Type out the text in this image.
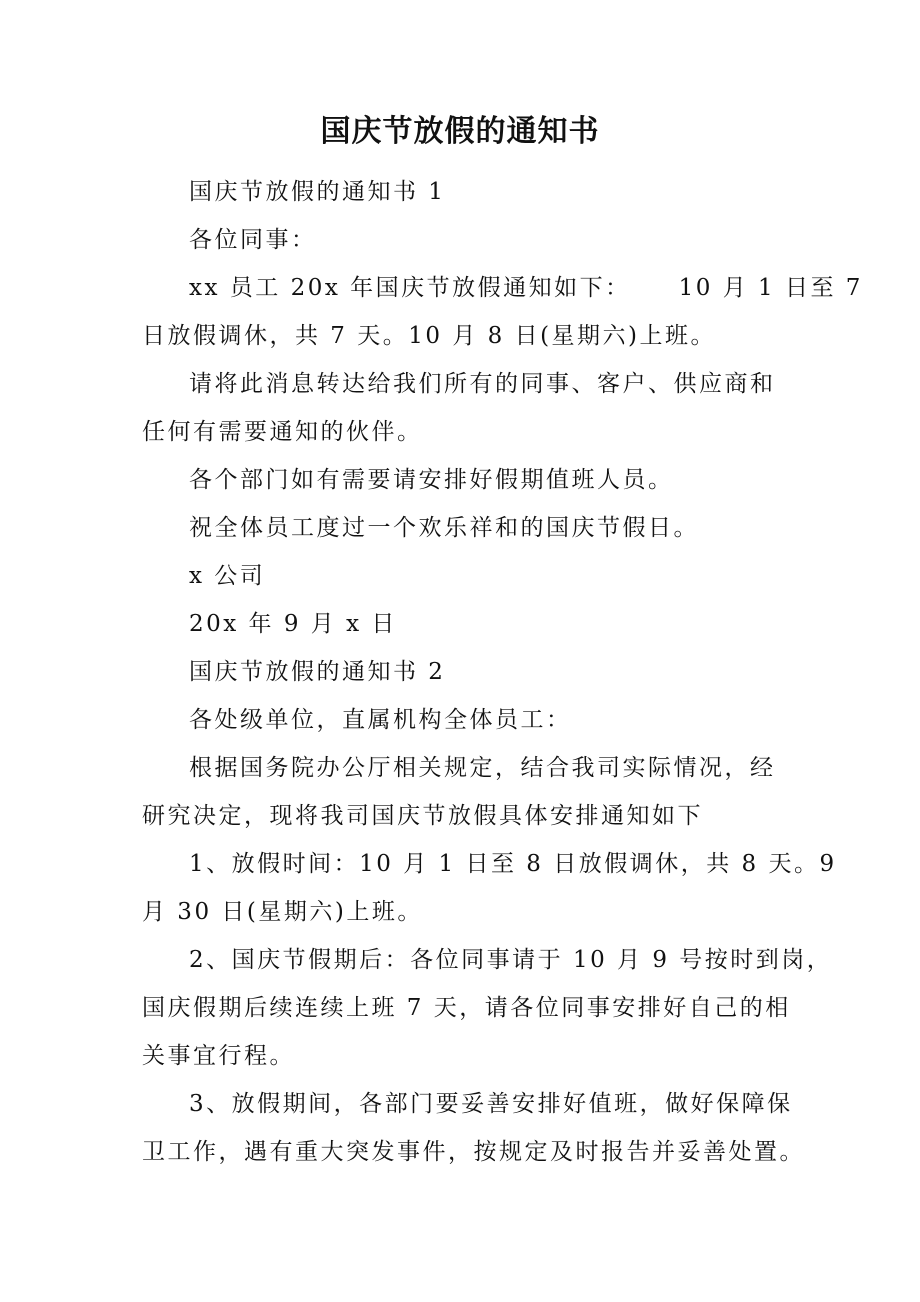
国庆节放假的通知书

国庆节放假的通知书 1

各位同事：

xx 员工 20x 年国庆节放假通知如下： 10 月 1 日至 7

日放假调休，共 7 天。10 月 8 日(星期六)上班。

请将此消息转达给我们所有的同事、客户、供应商和

任何有需要通知的伙伴。

各个部门如有需要请安排好假期值班人员。

祝全体员工度过一个欢乐祥和的国庆节假日。

x 公司

20x 年 9 月 x 日

国庆节放假的通知书 2

各处级单位，直属机构全体员工：

根据国务院办公厅相关规定，结合我司实际情况，经

研究决定，现将我司国庆节放假具体安排通知如下

1、放假时间：10 月 1 日至 8 日放假调休，共 8 天。9

月 30 日(星期六)上班。

2、国庆节假期后：各位同事请于 10 月 9 号按时到岗，

国庆假期后续连续上班 7 天，请各位同事安排好自己的相

关事宜行程。

3、放假期间，各部门要妥善安排好值班，做好保障保

卫工作，遇有重大突发事件，按规定及时报告并妥善处置。
